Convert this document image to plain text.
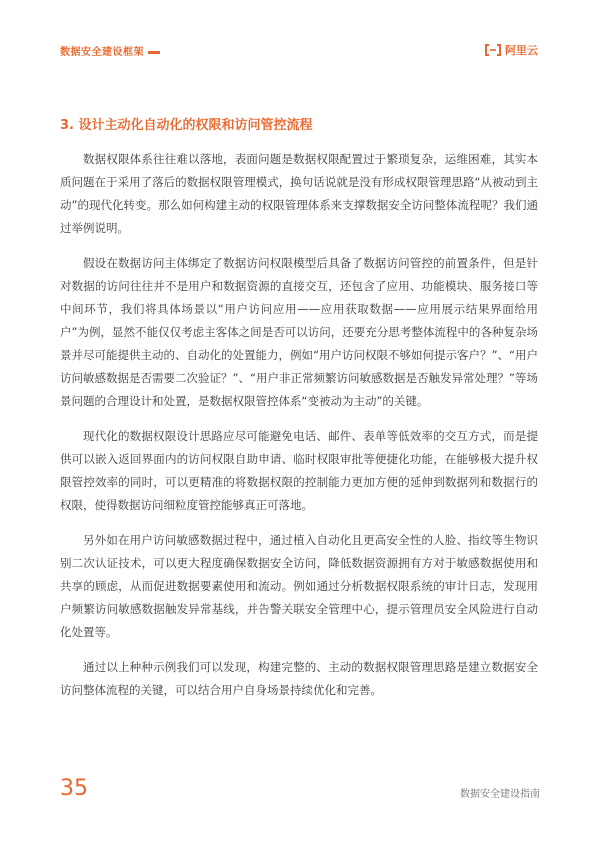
数据安全建设框架	阿里云
3. 设计主动化自动化的权限和访问管控流程

数据权限体系往往难以落地，表面问题是数据权限配置过于繁琐复杂，运维困难，其实本质问题在于采用了落后的数据权限管理模式，换句话说就是没有形成权限管理思路“从被动到主动”的现代化转变。那么如何构建主动的权限管理体系来支撑数据安全访问整体流程呢？我们通过举例说明。

假设在数据访问主体绑定了数据访问权限模型后具备了数据访问管控的前置条件，但是针对数据的访问往往并不是用户和数据资源的直接交互，还包含了应用、功能模块、服务接口等中间环节，我们将具体场景以“用户访问应用——应用获取数据——应用展示结果界面给用户”为例，显然不能仅仅考虑主客体之间是否可以访问，还要充分思考整体流程中的各种复杂场景并尽可能提供主动的、自动化的处置能力，例如“用户访问权限不够如何提示客户？”、“用户访问敏感数据是否需要二次验证？”、“用户非正常频繁访问敏感数据是否触发异常处理？”等场景问题的合理设计和处置，是数据权限管控体系“变被动为主动”的关键。

现代化的数据权限设计思路应尽可能避免电话、邮件、表单等低效率的交互方式，而是提供可以嵌入返回界面内的访问权限自助申请、临时权限审批等便捷化功能，在能够极大提升权限管控效率的同时，可以更精准的将数据权限的控制能力更加方便的延伸到数据列和数据行的权限，使得数据访问细粒度管控能够真正可落地。

另外如在用户访问敏感数据过程中，通过植入自动化且更高安全性的人脸、指纹等生物识别二次认证技术，可以更大程度确保数据安全访问，降低数据资源拥有方对于敏感数据使用和共享的顾虑，从而促进数据要素使用和流动。例如通过分析数据权限系统的审计日志，发现用户频繁访问敏感数据触发异常基线，并告警关联安全管理中心，提示管理员安全风险进行自动化处置等。

通过以上种种示例我们可以发现，构建完整的、主动的数据权限管理思路是建立数据安全访问整体流程的关键，可以结合用户自身场景持续优化和完善。

35	数据安全建设指南
